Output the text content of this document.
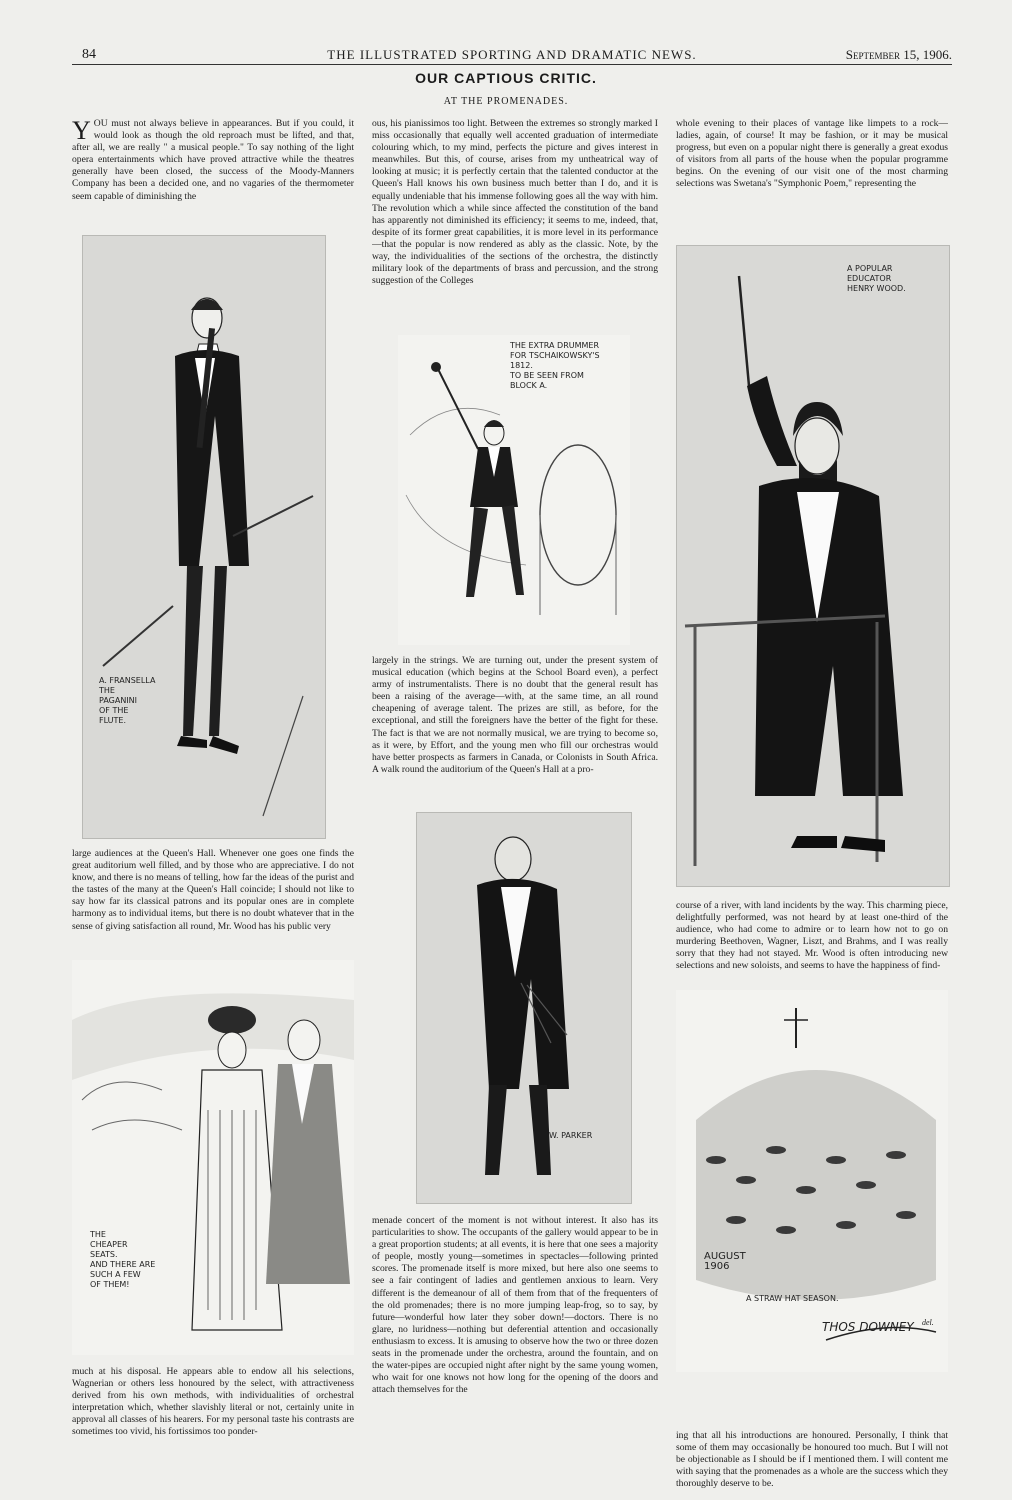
84	THE ILLUSTRATED SPORTING AND DRAMATIC NEWS.	September 15, 1906.
OUR CAPTIOUS CRITIC.
AT THE PROMENADES.

YOU must not always believe in appearances. But if you could, it would look as though the old reproach must be lifted, and that, after all, we are really " a musical people." To say nothing of the light opera entertainments which have proved attractive while the theatres generally have been closed, the success of the Moody-Manners Company has been a decided one, and no vagaries of the thermometer seem capable of diminishing the

large audiences at the Queen's Hall. Whenever one goes one finds the great auditorium well filled, and by those who are appreciative. I do not know, and there is no means of telling, how far the ideas of the purist and the tastes of the many at the Queen's Hall coincide; I should not like to say how far its classical patrons and its popular ones are in complete harmony as to individual items, but there is no doubt whatever that in the sense of giving satisfaction all round, Mr. Wood has his public very

much at his disposal. He appears able to endow all his selections, Wagnerian or others less honoured by the select, with attractiveness derived from his own methods, with individualities of orchestral interpretation which, whether slavishly literal or not, certainly unite in approval all classes of his hearers. For my personal taste his contrasts are sometimes too vivid, his fortissimos too ponder-

ous, his pianissimos too light. Between the extremes so strongly marked I miss occasionally that equally well accented graduation of intermediate colouring which, to my mind, perfects the picture and gives interest in meanwhiles. But this, of course, arises from my untheatrical way of looking at music; it is perfectly certain that the talented conductor at the Queen's Hall knows his own business much better than I do, and it is equally undeniable that his immense following goes all the way with him. The revolution which a while since affected the constitution of the band has apparently not diminished its efficiency; it seems to me, indeed, that, despite of its former great capabilities, it is more level in its performance—that the popular is now rendered as ably as the classic. Note, by the way, the individualities of the sections of the orchestra, the distinctly military look of the departments of brass and percussion, and the strong suggestion of the Colleges

largely in the strings. We are turning out, under the present system of musical education (which begins at the School Board even), a perfect army of instrumentalists. There is no doubt that the general result has been a raising of the average—with, at the same time, an all round cheapening of average talent. The prizes are still, as before, for the exceptional, and still the foreigners have the better of the fight for these. The fact is that we are not normally musical, we are trying to become so, as it were, by Effort, and the young men who fill our orchestras would have better prospects as farmers in Canada, or Colonists in South Africa. A walk round the auditorium of the Queen's Hall at a pro-

menade concert of the moment is not without interest. It also has its particularities to show. The occupants of the gallery would appear to be in a great proportion students; at all events, it is here that one sees a majority of people, mostly young—sometimes in spectacles—following printed scores. The promenade itself is more mixed, but here also one seems to see a fair contingent of ladies and gentlemen anxious to learn. Very different is the demeanour of all of them from that of the frequenters of the old promenades; there is no more jumping leap-frog, so to say, by future—wonderful how later they sober down!—doctors. There is no glare, no luridness—nothing but deferential attention and occasionally enthusiasm to excess. It is amusing to observe how the two or three dozen seats in the promenade under the orchestra, around the fountain, and on the water-pipes are occupied night after night by the same young women, who wait for one knows not how long for the opening of the doors and attach themselves for the

whole evening to their places of vantage like limpets to a rock—ladies, again, of course! It may be fashion, or it may be musical progress, but even on a popular night there is generally a great exodus of visitors from all parts of the house when the popular programme begins. On the evening of our visit one of the most charming selections was Swetana's "Symphonic Poem," representing the

course of a river, with land incidents by the way. This charming piece, delightfully performed, was not heard by at least one-third of the audience, who had come to admire or to learn how not to go on murdering Beethoven, Wagner, Liszt, and Brahms, and I was really sorry that they had not stayed. Mr. Wood is often introducing new selections and new soloists, and seems to have the happiness of find-

ing that all his introductions are honoured. Personally, I think that some of them may occasionally be honoured too much. But I will not be objectionable as I should be if I mentioned them. I will content me with saying that the promenades as a whole are the success which they thoroughly deserve to be.

A. FRANSELLA
THE
PAGANINI
OF THE
FLUTE.
THE EXTRA DRUMMER
FOR TSCHAIKOWSKY'S
1812.
TO BE SEEN FROM
BLOCK A.
A POPULAR
EDUCATOR
HENRY WOOD.
THE
CHEAPER
SEATS.
AND THERE ARE
SUCH A FEW
OF THEM!
W. PARKER
AUGUST
1906
A STRAW HAT SEASON.
THOS DOWNEY del.
